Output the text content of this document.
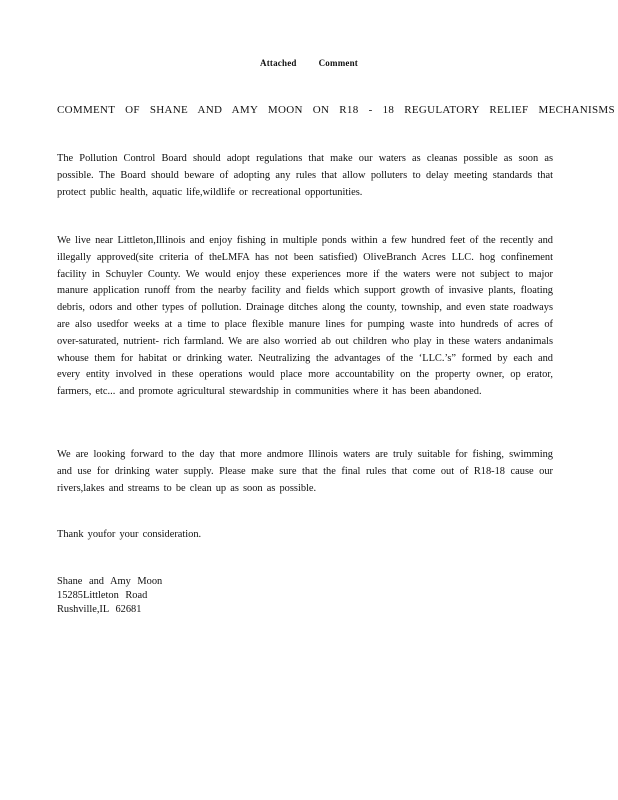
Attached Comment
COMMENT OF SHANE AND AMY MOON ON R18 - 18 REGULATORY RELIEF MECHANISMS

The Pollution Control Board should adopt regulations that make our waters as cleanas possible as soon as possible. The Board should beware of adopting any rules that allow polluters to delay meeting standards that protect public health, aquatic life,wildlife or recreational opportunities.

We live near Littleton,Illinois and enjoy fishing in multiple ponds within a few hundred feet of the recently and illegally approved(site criteria of theLMFA has not been satisfied) OliveBranch Acres LLC. hog confinement facility in Schuyler County. We would enjoy these experiences more if the waters were not subject to major manure application runoff from the nearby facility and fields which support growth of invasive plants, floating debris, odors and other types of pollution. Drainage ditches along the county, township, and even state roadways are also usedfor weeks at a time to place flexible manure lines for pumping waste into hundreds of acres of over-saturated, nutrient- rich farmland. We are also worried ab out children who play in these waters andanimals whouse them for habitat or drinking water. Neutralizing the advantages of the ‘LLC.’s” formed by each and every entity involved in these operations would place more accountability on the property owner, op erator, farmers, etc... and promote agricultural stewardship in communities where it has been abandoned.

We are looking forward to the day that more andmore Illinois waters are truly suitable for fishing, swimming and use for drinking water supply. Please make sure that the final rules that come out of R18-18 cause our rivers,lakes and streams to be clean up as soon as possible.

Thank youfor your consideration.

Shane and Amy Moon
15285Littleton Road
Rushville,IL 62681
